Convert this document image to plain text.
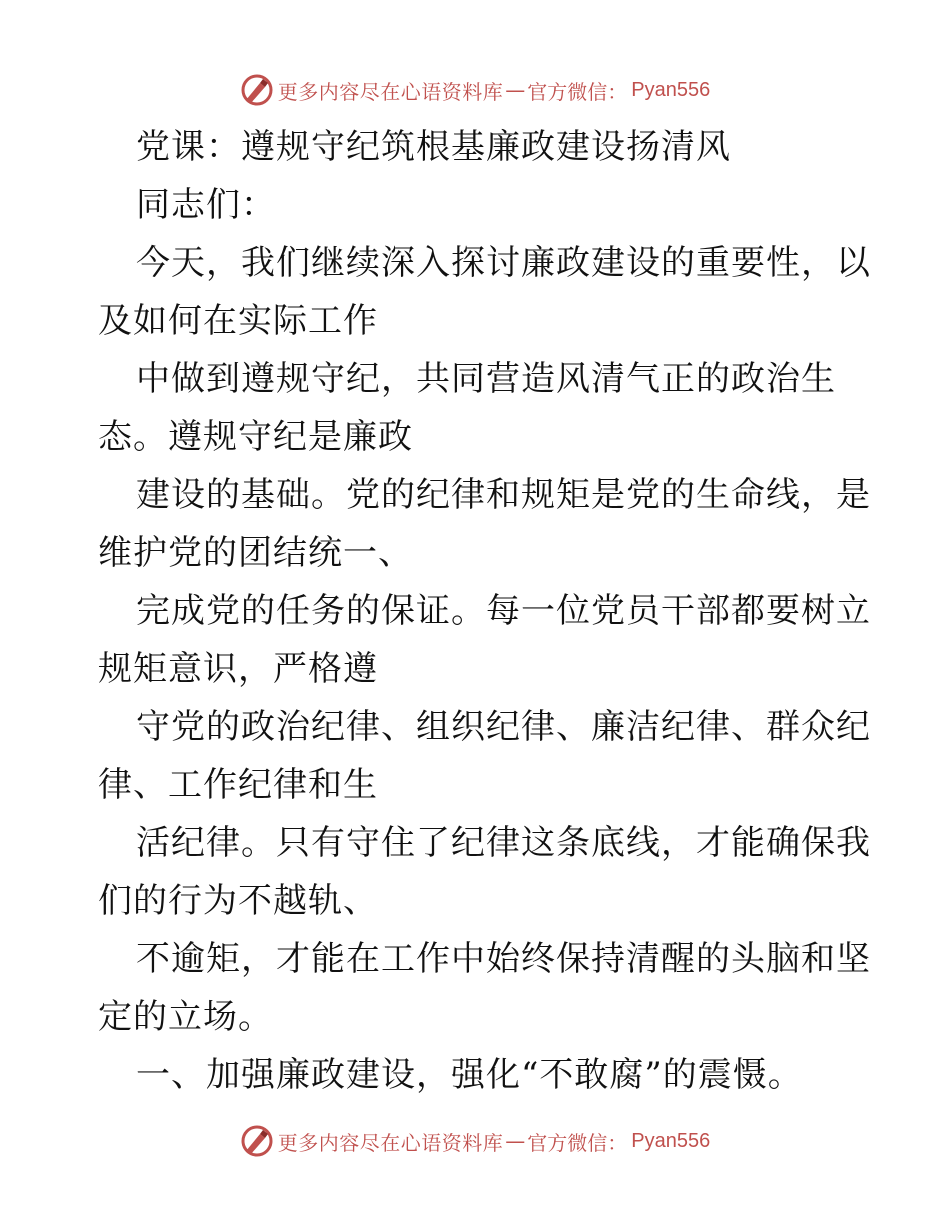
更多内容尽在心语资料库 — 官方微信： Pyan556
党课：遵规守纪筑根基廉政建设扬清风
同志们：
今天，我们继续深入探讨廉政建设的重要性，以
及如何在实际工作
中做到遵规守纪，共同营造风清气正的政治生
态。遵规守纪是廉政
建设的基础。党的纪律和规矩是党的生命线，是
维护党的团结统一、
完成党的任务的保证。每一位党员干部都要树立
规矩意识，严格遵
守党的政治纪律、组织纪律、廉洁纪律、群众纪
律、工作纪律和生
活纪律。只有守住了纪律这条底线，才能确保我
们的行为不越轨、
不逾矩，才能在工作中始终保持清醒的头脑和坚
定的立场。
一、加强廉政建设，强化“不敢腐”的震慑。
更多内容尽在心语资料库 — 官方微信： Pyan556
